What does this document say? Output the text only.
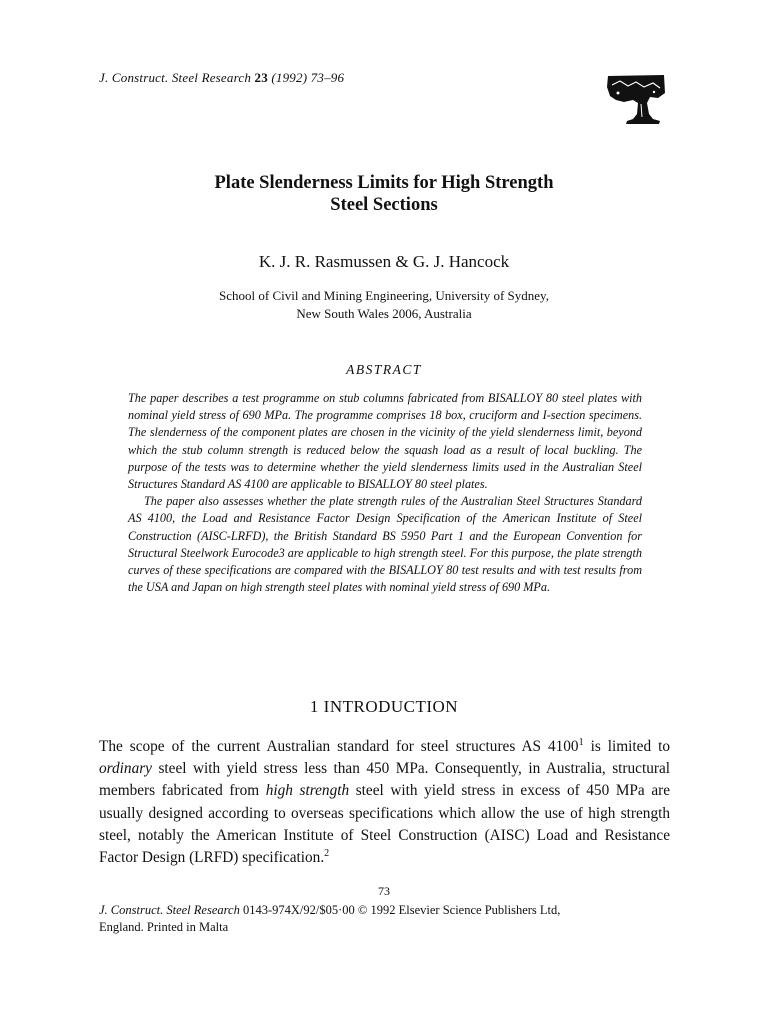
J. Construct. Steel Research 23 (1992) 73–96
Plate Slenderness Limits for High Strength
Steel Sections
K. J. R. Rasmussen & G. J. Hancock
School of Civil and Mining Engineering, University of Sydney,
New South Wales 2006, Australia
ABSTRACT

The paper describes a test programme on stub columns fabricated from BISALLOY 80 steel plates with nominal yield stress of 690 MPa. The programme comprises 18 box, cruciform and I-section specimens. The slenderness of the component plates are chosen in the vicinity of the yield slenderness limit, beyond which the stub column strength is reduced below the squash load as a result of local buckling. The purpose of the tests was to determine whether the yield slenderness limits used in the Australian Steel Structures Standard AS 4100 are applicable to BISALLOY 80 steel plates.

The paper also assesses whether the plate strength rules of the Australian Steel Structures Standard AS 4100, the Load and Resistance Factor Design Specification of the American Institute of Steel Construction (AISC-LRFD), the British Standard BS 5950 Part 1 and the European Convention for Structural Steelwork Eurocode3 are applicable to high strength steel. For this purpose, the plate strength curves of these specifications are compared with the BISALLOY 80 test results and with test results from the USA and Japan on high strength steel plates with nominal yield stress of 690 MPa.

1 INTRODUCTION

The scope of the current Australian standard for steel structures AS 4100$^1$ is limited to ordinary steel with yield stress less than 450 MPa. Consequently, in Australia, structural members fabricated from high strength steel with yield stress in excess of 450 MPa are usually designed according to overseas specifications which allow the use of high strength steel, notably the American Institute of Steel Construction (AISC) Load and Resistance Factor Design (LRFD) specification.$^2$

73
J. Construct. Steel Research 0143-974X/92/$05·00 © 1992 Elsevier Science Publishers Ltd,
England. Printed in Malta
